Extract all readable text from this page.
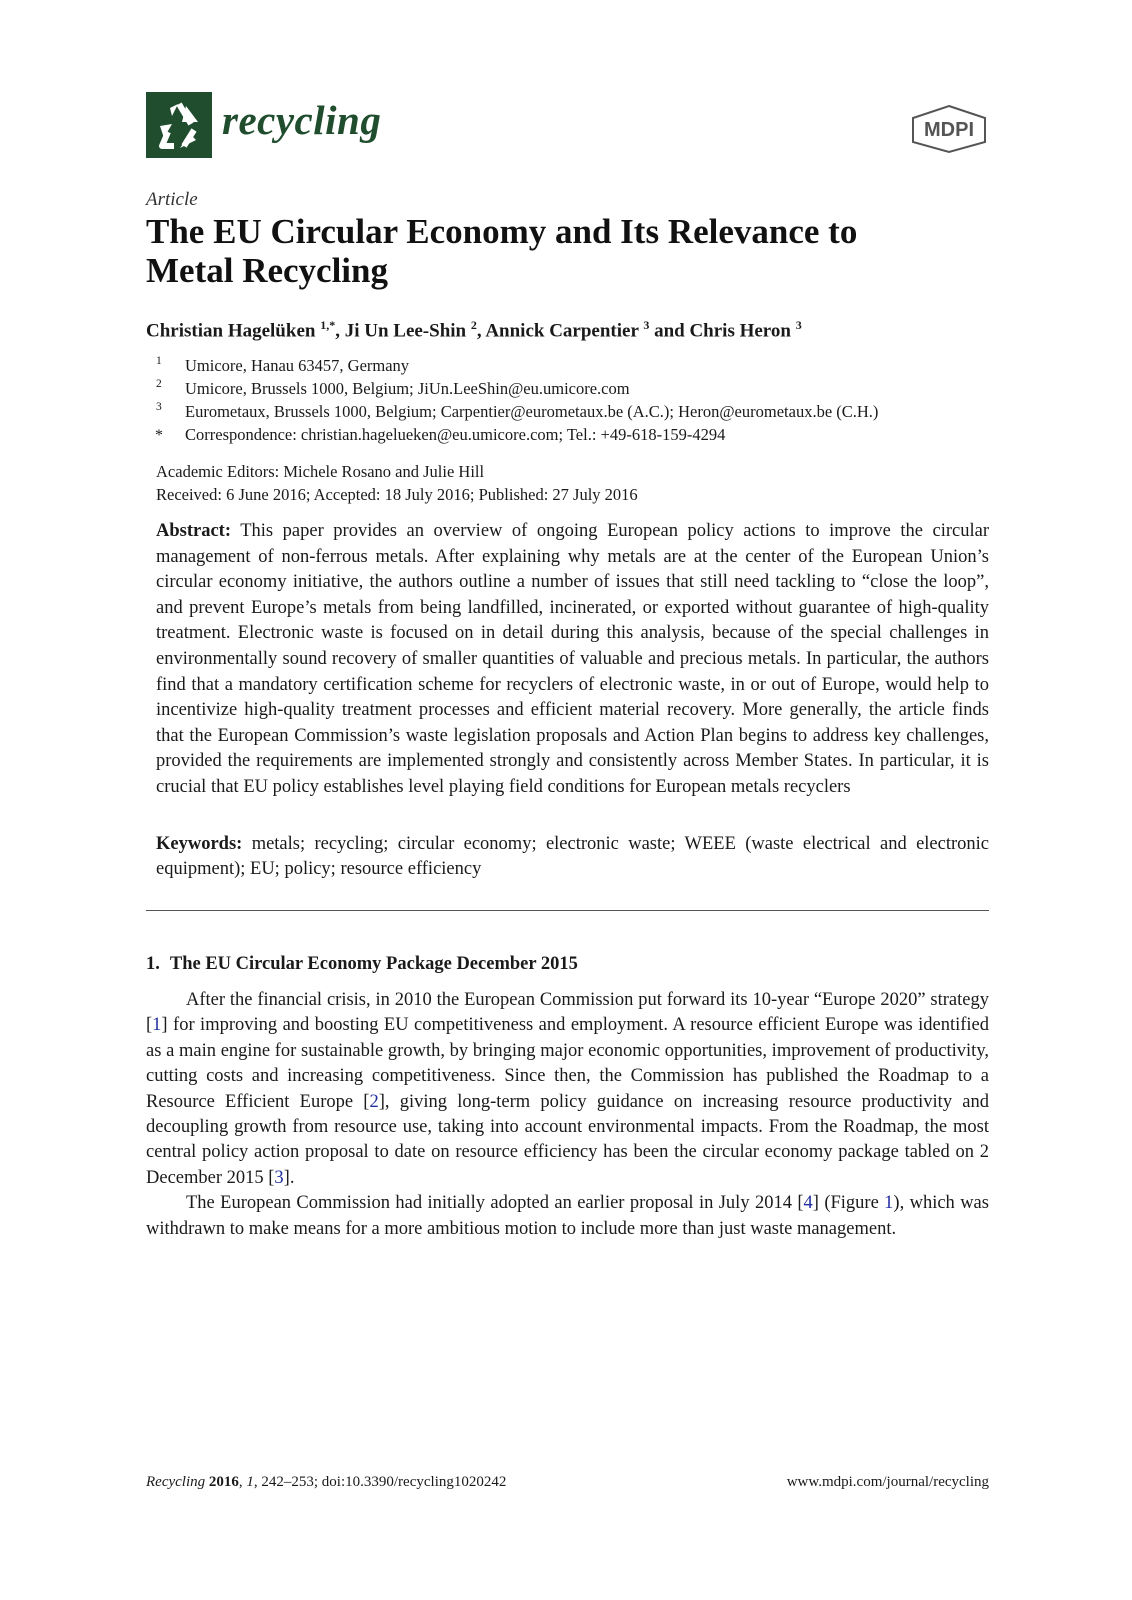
recycling	MDPI
Article
The EU Circular Economy and Its Relevance to
Metal Recycling
Christian Hagelüken $^{1,*}$, Ji Un Lee-Shin $^2$, Annick Carpentier $^3$ and Chris Heron $^3$
1 Umicore, Hanau 63457, Germany
2 Umicore, Brussels 1000, Belgium; JiUn.LeeShin@eu.umicore.com
3 Eurometaux, Brussels 1000, Belgium; Carpentier@eurometaux.be (A.C.); Heron@eurometaux.be (C.H.)
* Correspondence: christian.hagelueken@eu.umicore.com; Tel.: +49-618-159-4294
Academic Editors: Michele Rosano and Julie Hill
Received: 6 June 2016; Accepted: 18 July 2016; Published: 27 July 2016

Abstract: This paper provides an overview of ongoing European policy actions to improve the circular management of non-ferrous metals. After explaining why metals are at the center of the European Union’s circular economy initiative, the authors outline a number of issues that still need tackling to “close the loop”, and prevent Europe’s metals from being landfilled, incinerated, or exported without guarantee of high-quality treatment. Electronic waste is focused on in detail during this analysis, because of the special challenges in environmentally sound recovery of smaller quantities of valuable and precious metals. In particular, the authors find that a mandatory certification scheme for recyclers of electronic waste, in or out of Europe, would help to incentivize high-quality treatment processes and efficient material recovery. More generally, the article finds that the European Commission’s waste legislation proposals and Action Plan begins to address key challenges, provided the requirements are implemented strongly and consistently across Member States. In particular, it is crucial that EU policy establishes level playing field conditions for European metals recyclers

Keywords: metals; recycling; circular economy; electronic waste; WEEE (waste electrical and electronic equipment); EU; policy; resource efficiency

1. The EU Circular Economy Package December 2015

After the financial crisis, in 2010 the European Commission put forward its 10-year “Europe 2020” strategy [1] for improving and boosting EU competitiveness and employment. A resource efficient Europe was identified as a main engine for sustainable growth, by bringing major economic opportunities, improvement of productivity, cutting costs and increasing competitiveness. Since then, the Commission has published the Roadmap to a Resource Efficient Europe [2], giving long-term policy guidance on increasing resource productivity and decoupling growth from resource use, taking into account environmental impacts. From the Roadmap, the most central policy action proposal to date on resource efficiency has been the circular economy package tabled on 2 December 2015 [3].

The European Commission had initially adopted an earlier proposal in July 2014 [4] (Figure 1), which was withdrawn to make means for a more ambitious motion to include more than just waste management.

Recycling 2016, 1, 242–253; doi:10.3390/recycling1020242	www.mdpi.com/journal/recycling
